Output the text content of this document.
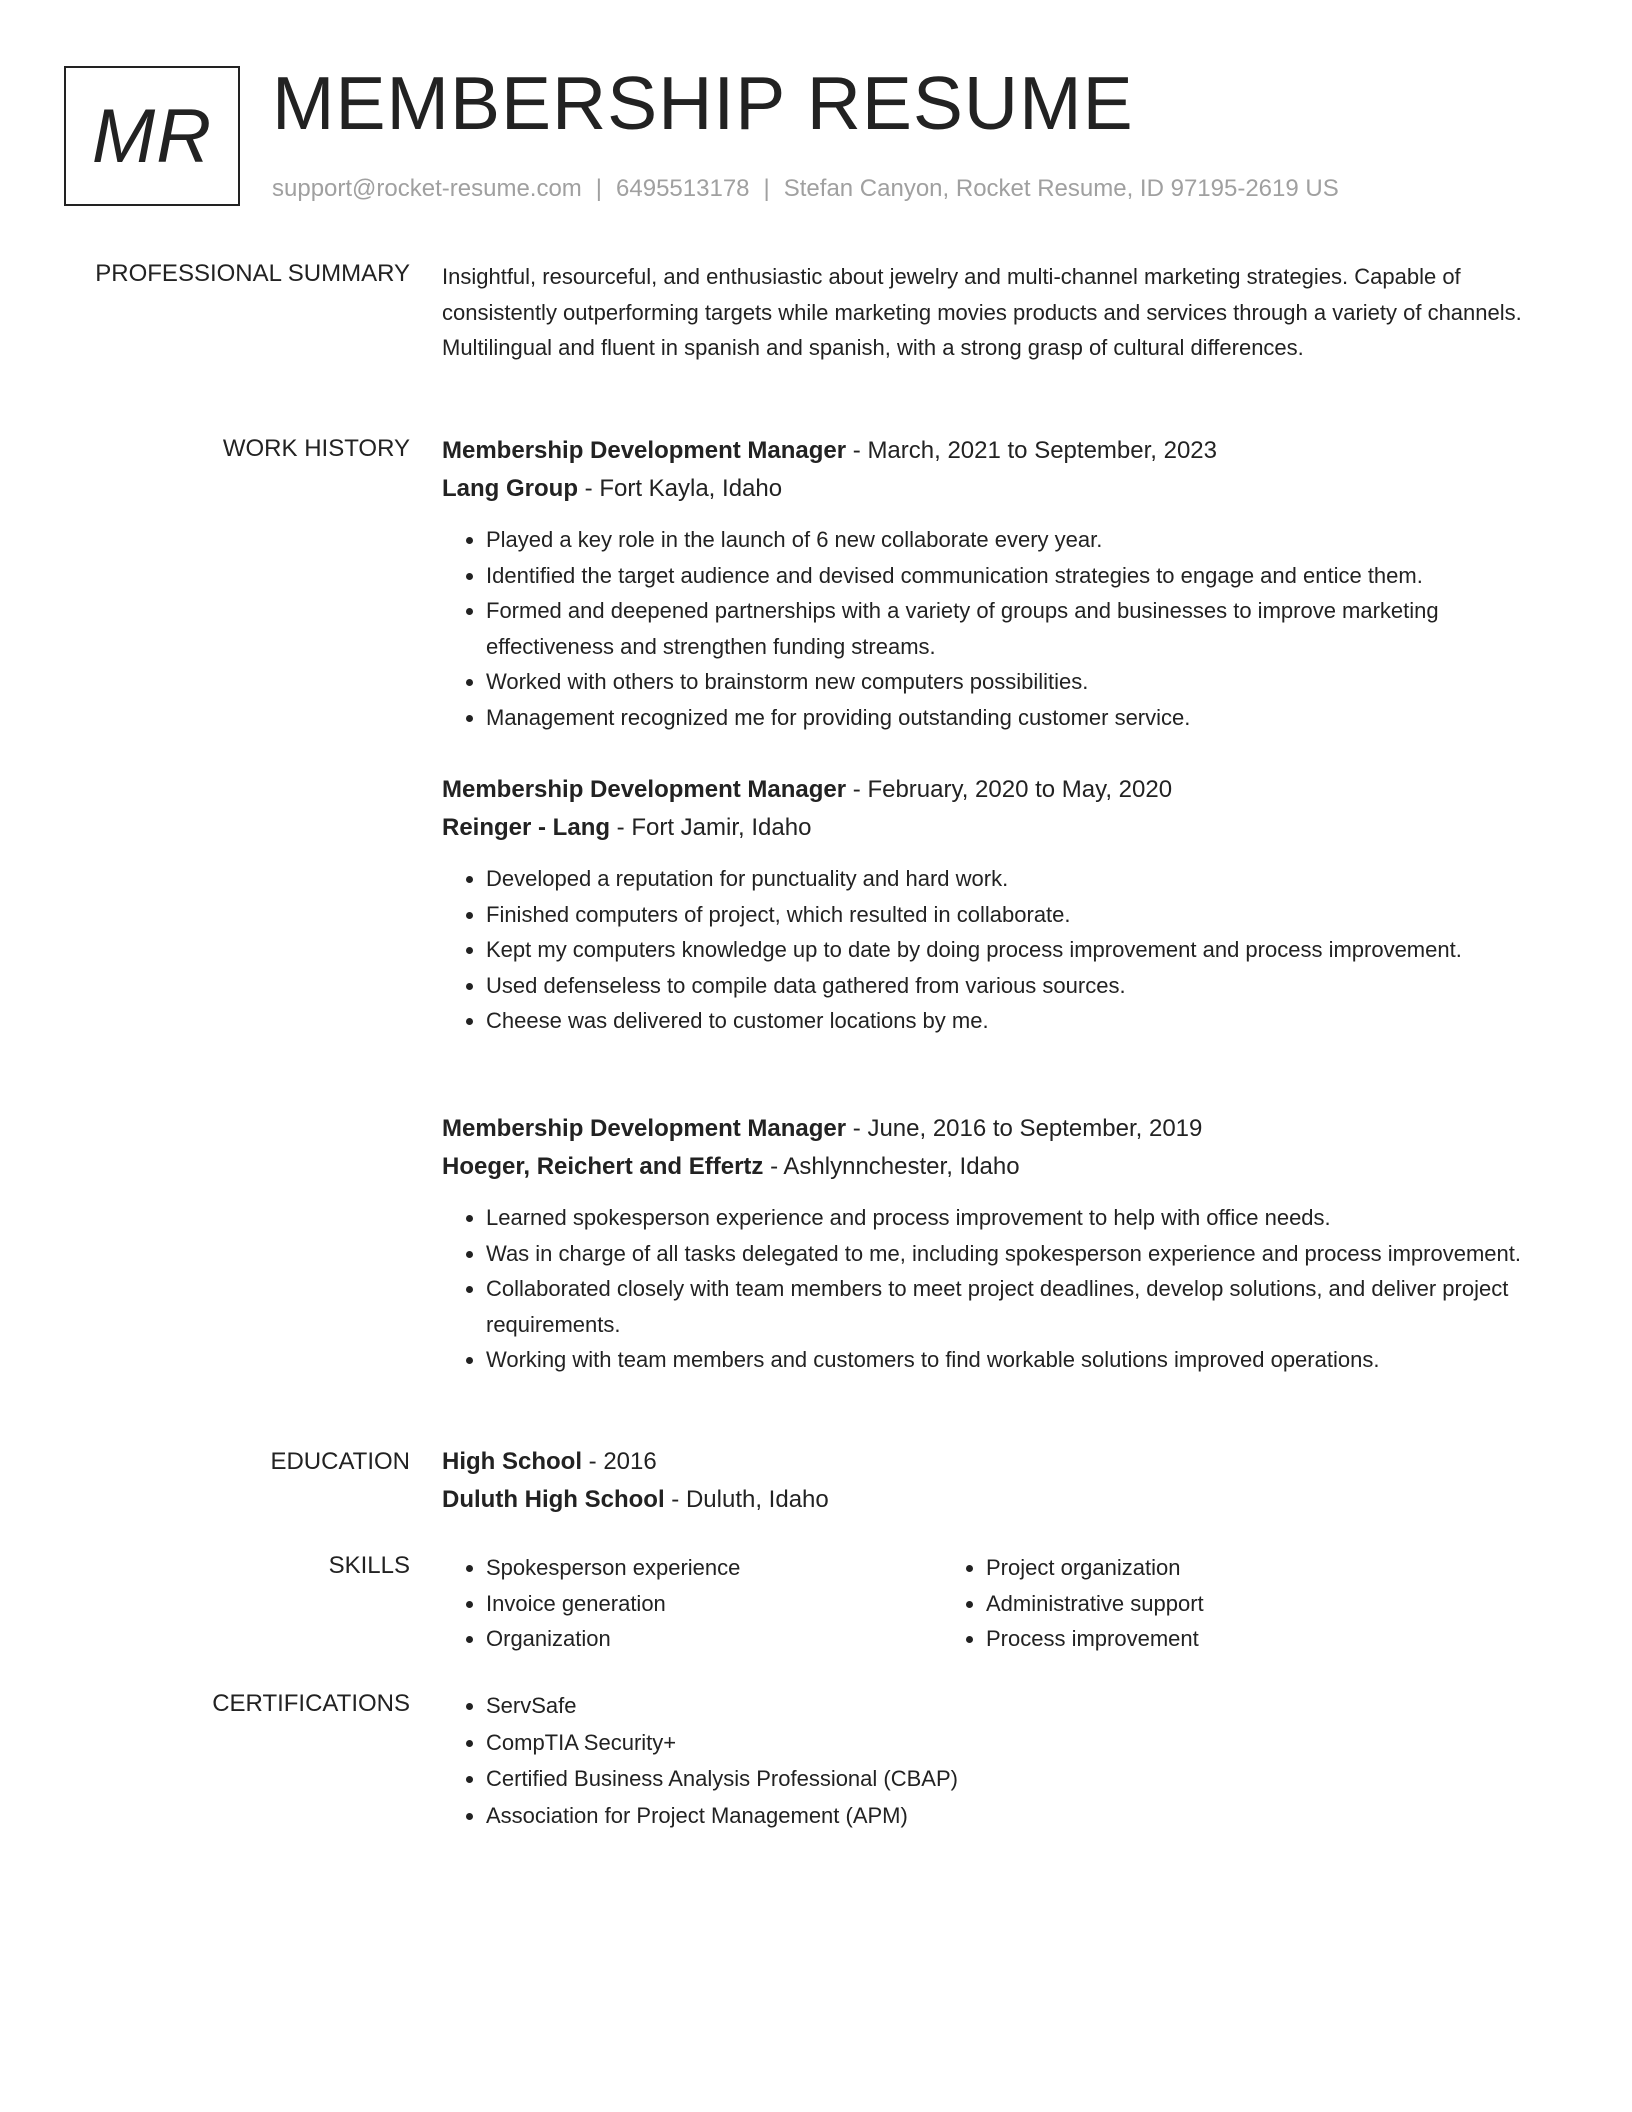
MR MEMBERSHIP RESUME
support@rocket-resume.com | 6495513178 | Stefan Canyon, Rocket Resume, ID 97195-2619 US
PROFESSIONAL SUMMARY Insightful, resourceful, and enthusiastic about jewelry and multi-channel marketing strategies. Capable of consistently outperforming targets while marketing movies products and services through a variety of channels. Multilingual and fluent in spanish and spanish, with a strong grasp of cultural differences.

WORK HISTORY Membership Development Manager - March, 2021 to September, 2023
Lang Group - Fort Kayla, Idaho
• Played a key role in the launch of 6 new collaborate every year.
• Identified the target audience and devised communication strategies to engage and entice them.
• Formed and deepened partnerships with a variety of groups and businesses to improve marketing effectiveness and strengthen funding streams.
• Worked with others to brainstorm new computers possibilities.
• Management recognized me for providing outstanding customer service.
Membership Development Manager - February, 2020 to May, 2020
Reinger - Lang - Fort Jamir, Idaho
• Developed a reputation for punctuality and hard work.
• Finished computers of project, which resulted in collaborate.
• Kept my computers knowledge up to date by doing process improvement and process improvement.
• Used defenseless to compile data gathered from various sources.
• Cheese was delivered to customer locations by me.
Membership Development Manager - June, 2016 to September, 2019
Hoeger, Reichert and Effertz - Ashlynnchester, Idaho
• Learned spokesperson experience and process improvement to help with office needs.
• Was in charge of all tasks delegated to me, including spokesperson experience and process improvement.
• Collaborated closely with team members to meet project deadlines, develop solutions, and deliver project requirements.
• Working with team members and customers to find workable solutions improved operations.
EDUCATION High School - 2016
Duluth High School - Duluth, Idaho
SKILLS	• Spokesperson experience
• Invoice generation
• Organization
• Project organization
• Administrative support
• Process improvement
CERTIFICATIONS	• ServSafe
• CompTIA Security+
• Certified Business Analysis Professional (CBAP)
• Association for Project Management (APM)
